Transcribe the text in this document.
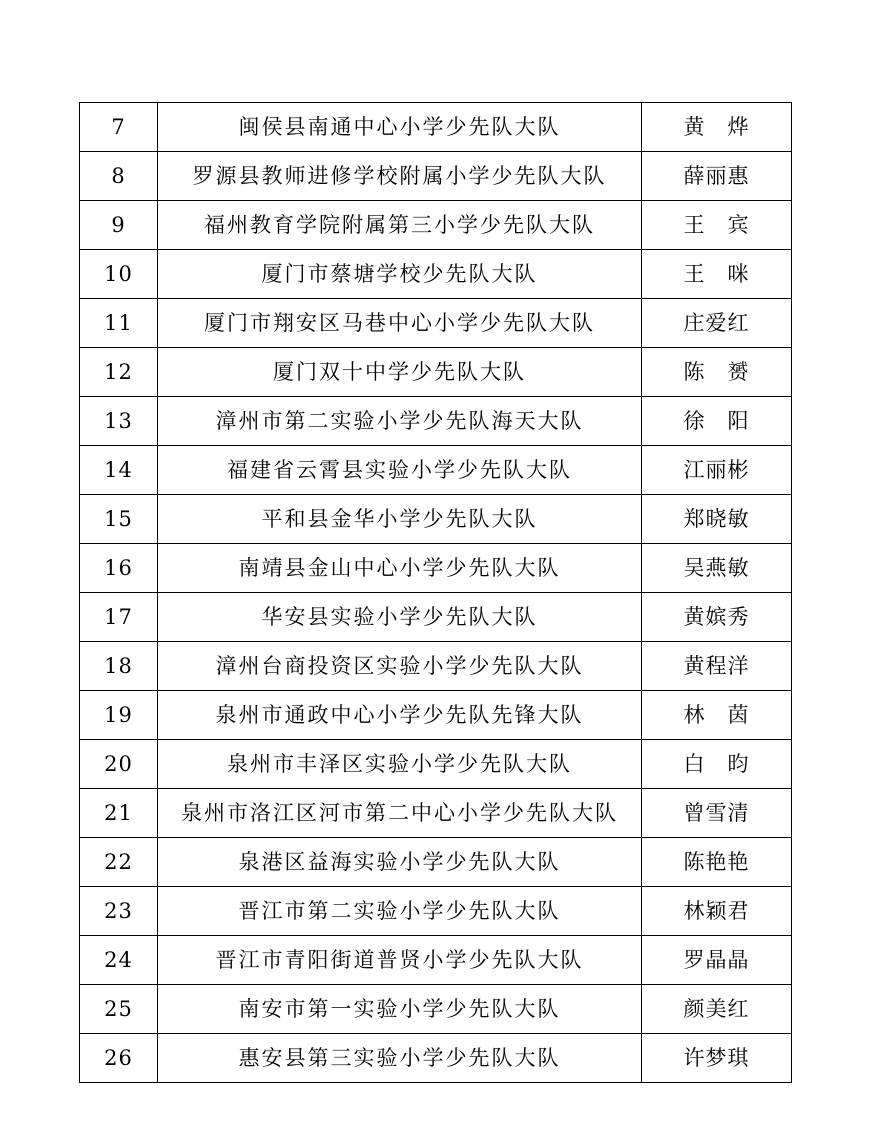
7	闽侯县南通中心小学少先队大队	黄　烨
8	罗源县教师进修学校附属小学少先队大队	薛丽惠
9	福州教育学院附属第三小学少先队大队	王　宾
10	厦门市蔡塘学校少先队大队	王　咪
11	厦门市翔安区马巷中心小学少先队大队	庄爱红
12	厦门双十中学少先队大队	陈　赟
13	漳州市第二实验小学少先队海天大队	徐　阳
14	福建省云霄县实验小学少先队大队	江丽彬
15	平和县金华小学少先队大队	郑晓敏
16	南靖县金山中心小学少先队大队	吴燕敏
17	华安县实验小学少先队大队	黄嫔秀
18	漳州台商投资区实验小学少先队大队	黄程洋
19	泉州市通政中心小学少先队先锋大队	林　茵
20	泉州市丰泽区实验小学少先队大队	白　昀
21	泉州市洛江区河市第二中心小学少先队大队	曾雪清
22	泉港区益海实验小学少先队大队	陈艳艳
23	晋江市第二实验小学少先队大队	林颖君
24	晋江市青阳街道普贤小学少先队大队	罗晶晶
25	南安市第一实验小学少先队大队	颜美红
26	惠安县第三实验小学少先队大队	许梦琪
